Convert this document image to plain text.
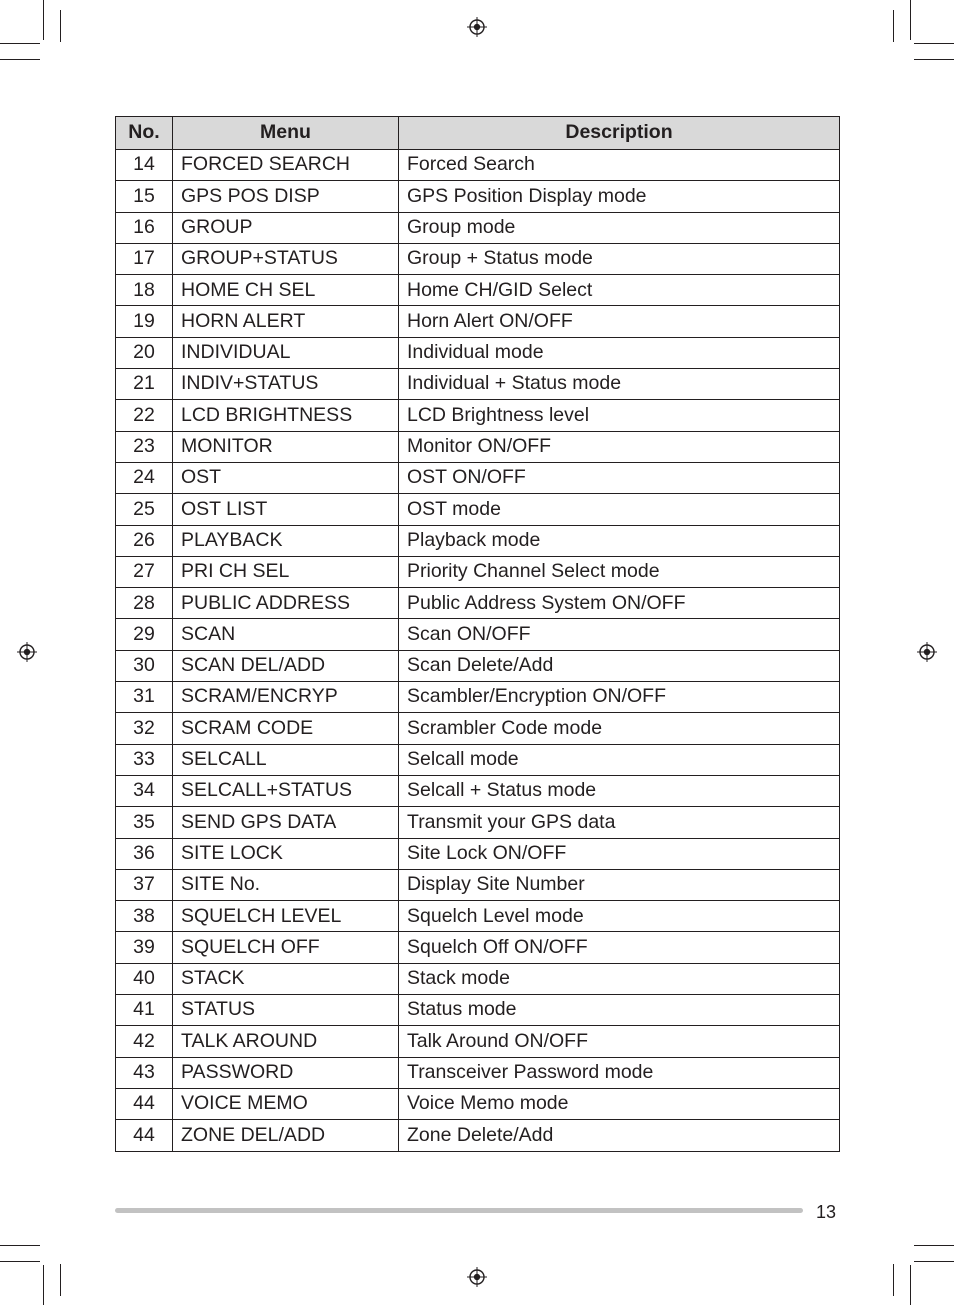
No.	Menu	Description
14	FORCED SEARCH	Forced Search
15	GPS POS DISP	GPS Position Display mode
16	GROUP	Group mode
17	GROUP+STATUS	Group + Status mode
18	HOME CH SEL	Home CH/GID Select
19	HORN ALERT	Horn Alert ON/OFF
20	INDIVIDUAL	Individual mode
21	INDIV+STATUS	Individual + Status mode
22	LCD BRIGHTNESS	LCD Brightness level
23	MONITOR	Monitor ON/OFF
24	OST	OST ON/OFF
25	OST LIST	OST mode
26	PLAYBACK	Playback mode
27	PRI CH SEL	Priority Channel Select mode
28	PUBLIC ADDRESS	Public Address System ON/OFF
29	SCAN	Scan ON/OFF
30	SCAN DEL/ADD	Scan Delete/Add
31	SCRAM/ENCRYP	Scambler/Encryption ON/OFF
32	SCRAM CODE	Scrambler Code mode
33	SELCALL	Selcall mode
34	SELCALL+STATUS	Selcall + Status mode
35	SEND GPS DATA	Transmit your GPS data
36	SITE LOCK	Site Lock ON/OFF
37	SITE No.	Display Site Number
38	SQUELCH LEVEL	Squelch Level mode
39	SQUELCH OFF	Squelch Off ON/OFF
40	STACK	Stack mode
41	STATUS	Status mode
42	TALK AROUND	Talk Around ON/OFF
43	PASSWORD	Transceiver Password mode
44	VOICE MEMO	Voice Memo mode
44	ZONE DEL/ADD	Zone Delete/Add
13
